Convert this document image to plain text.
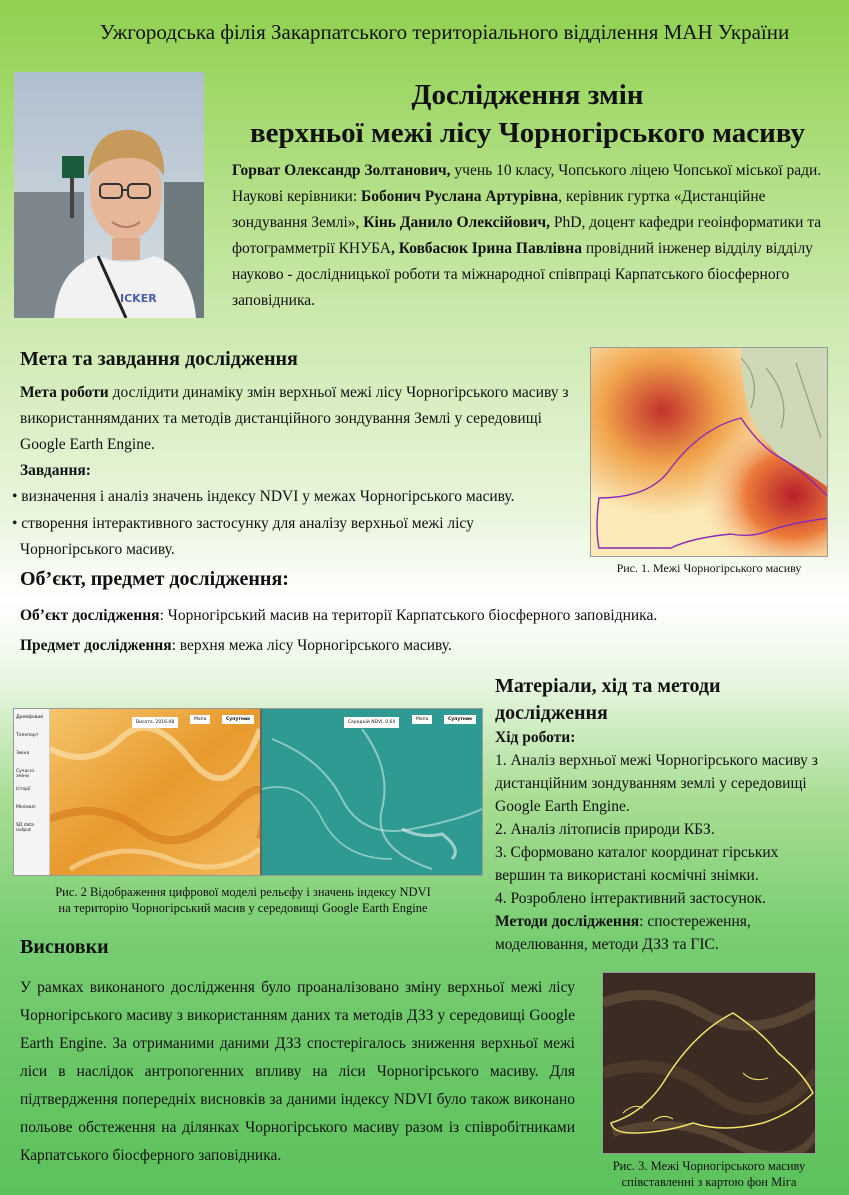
Ужгородська філія Закарпатського територіального відділення МАН України
ICKER
Дослідження змін
верхньої межі лісу Чорногірського масиву
Горват Олександр Золтанович, учень 10 класу, Чопського ліцею Чопської міської ради.
Наукові керівники: Бобонич Руслана Артурівна, керівник гуртка «Дистанційне зондування Землі», Кінь Данило Олексійович, PhD, доцент кафедри геоінформатики та фотограмметрії КНУБА, Ковбасюк Ірина Павлівна провідний інженер відділу відділу науково - дослідницької роботи та міжнародної співпраці Карпатського біосферного заповідника.
Мета та завдання дослідження
Мета роботи дослідити динаміку змін верхньої межі лісу Чорногірського масиву з використаннямданих та методів дистанційного зондування Землі у середовищі Google Earth Engine.
Завдання:
• визначення і аналіз значень індексу NDVI у межах Чорногірського масиву.
• створення інтерактивного застосунку для аналізу верхньої межі лісу
Чорногірського масиву.
Рис. 1. Межі Чорногірського масиву
Об’єкт, предмет дослідження:
Об’єкт дослідження: Чорногірський масив на території Карпатського біосферного заповідника.
Предмет дослідження: верхня межа лісу Чорногірського масиву.
Дрейфовий
Телепорт
Зміна
Сучасні зміни
Історії
Мінімалі
SD data output
Висота, 2016-08
Мапа	Супутник
Середній NDVI, 0.64
Мапа	Супутник
Рис. 2 Відображення цифрової моделі рельєфу і значень індексу NDVI
на територію Чорногірський масив у середовищі Google Earth Engine
Матеріали, хід та методи
дослідження
Хід роботи:
1. Аналіз верхньої межі Чорногірського масиву з дистанційним зондуванням землі у середовищі Google Earth Engine.
2. Аналіз літописів природи КБЗ.
3. Сформовано каталог координат гірських вершин та використані космічні знімки.
4. Розроблено інтерактивний застосунок.
Методи дослідження: спостереження, моделювання, методи ДЗЗ та ГІС.
Висновки
У рамках виконаного дослідження було проаналізовано зміну верхньої межі лісу Чорногірського масиву з використанням даних та методів ДЗЗ у середовищі Google Earth Engine. За отриманими даними ДЗЗ спостерігалось зниження верхньої межі ліси в наслідок антропогенних впливу на ліси Чорногірського масиву. Для підтвердження попередніх висновків за даними індексу NDVI було також виконано польове обстеження на ділянках Чорногірського масиву разом із співробітниками Карпатського біосферного заповідника.
Рис. 3. Межі Чорногірського масиву
співставленні з картою фон Міга
